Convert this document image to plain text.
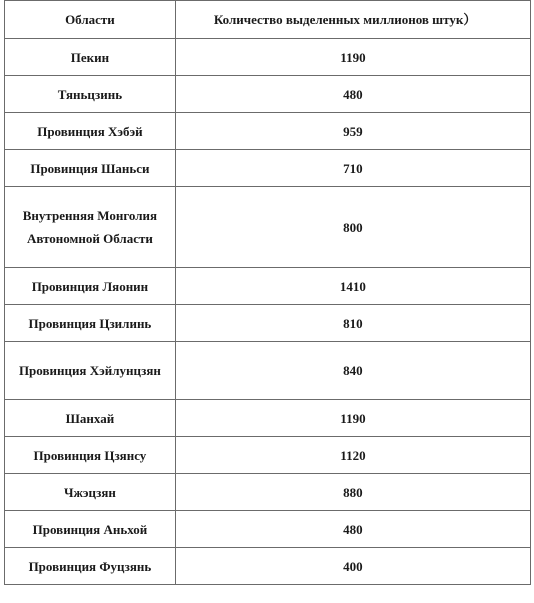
Области	Количество выделенных миллионов штук）
Пекин	1190
Тяньцзинь	480
Провинция Хэбэй	959
Провинция Шаньси	710
Внутренняя Монголия Автономной Области	800
Провинция Ляонин	1410
Провинция Цзилинь	810
Провинция Хэйлунцзян	840
Шанхай	1190
Провинция Цзянсу	1120
Чжэцзян	880
Провинция Аньхой	480
Провинция Фуцзянь	400
